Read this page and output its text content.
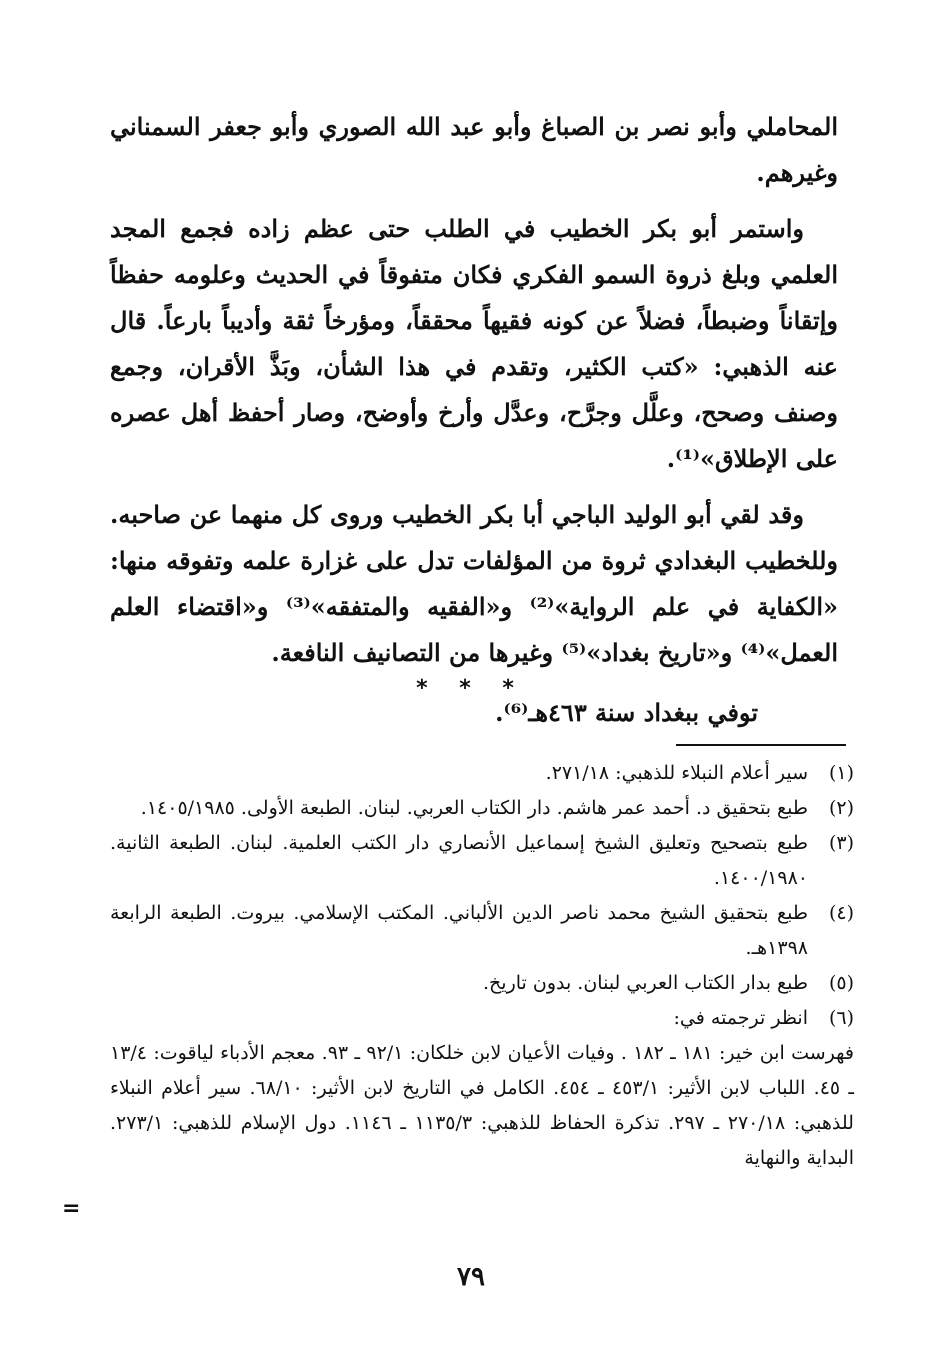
المحاملي وأبو نصر بن الصباغ وأبو عبد الله الصوري وأبو جعفر السمناني وغيرهم.

واستمر أبو بكر الخطيب في الطلب حتى عظم زاده فجمع المجد العلمي وبلغ ذروة السمو الفكري فكان متفوقاً في الحديث وعلومه حفظاً وإتقاناً وضبطاً، فضلاً عن كونه فقيهاً محققاً، ومؤرخاً ثقة وأديباً بارعاً. قال عنه الذهبي: «كتب الكثير، وتقدم في هذا الشأن، وبَذَّ الأقران، وجمع وصنف وصحح، وعلَّل وجرَّح، وعدَّل وأرخ وأوضح، وصار أحفظ أهل عصره على الإطلاق»⁽¹⁾.

وقد لقي أبو الوليد الباجي أبا بكر الخطيب وروى كل منهما عن صاحبه. وللخطيب البغدادي ثروة من المؤلفات تدل على غزارة علمه وتفوقه منها: «الكفاية في علم الرواية»⁽²⁾ و«الفقيه والمتفقه»⁽³⁾ و«اقتضاء العلم العمل»⁽⁴⁾ و«تاريخ بغداد»⁽⁵⁾ وغيرها من التصانيف النافعة.

توفي ببغداد سنة ٤٦٣هـ⁽⁶⁾.

* * *
(١)
سير أعلام النبلاء للذهبي: ٢٧١/١٨.
(٢)
طبع بتحقيق د. أحمد عمر هاشم. دار الكتاب العربي. لبنان. الطبعة الأولى. ١٤٠٥/١٩٨٥.
(٣)
طبع بتصحيح وتعليق الشيخ إسماعيل الأنصاري دار الكتب العلمية. لبنان. الطبعة الثانية. ١٤٠٠/١٩٨٠.
(٤)
طبع بتحقيق الشيخ محمد ناصر الدين الألباني. المكتب الإسلامي. بيروت. الطبعة الرابعة ١٣٩٨هـ.
(٥)
طبع بدار الكتاب العربي لبنان. بدون تاريخ.
(٦)
انظر ترجمته في:

فهرست ابن خير: ١٨١ ـ ١٨٢ . وفيات الأعيان لابن خلكان: ٩٢/١ ـ ٩٣. معجم الأدباء لياقوت: ١٣/٤ ـ ٤٥. اللباب لابن الأثير: ٤٥٣/١ ـ ٤٥٤. الكامل في التاريخ لابن الأثير: ٦٨/١٠. سير أعلام النبلاء للذهبي: ٢٧٠/١٨ ـ ٢٩٧. تذكرة الحفاظ للذهبي: ١١٣٥/٣ ـ ١١٤٦. دول الإسلام للذهبي: ٢٧٣/١. البداية والنهاية

=
٧٩
